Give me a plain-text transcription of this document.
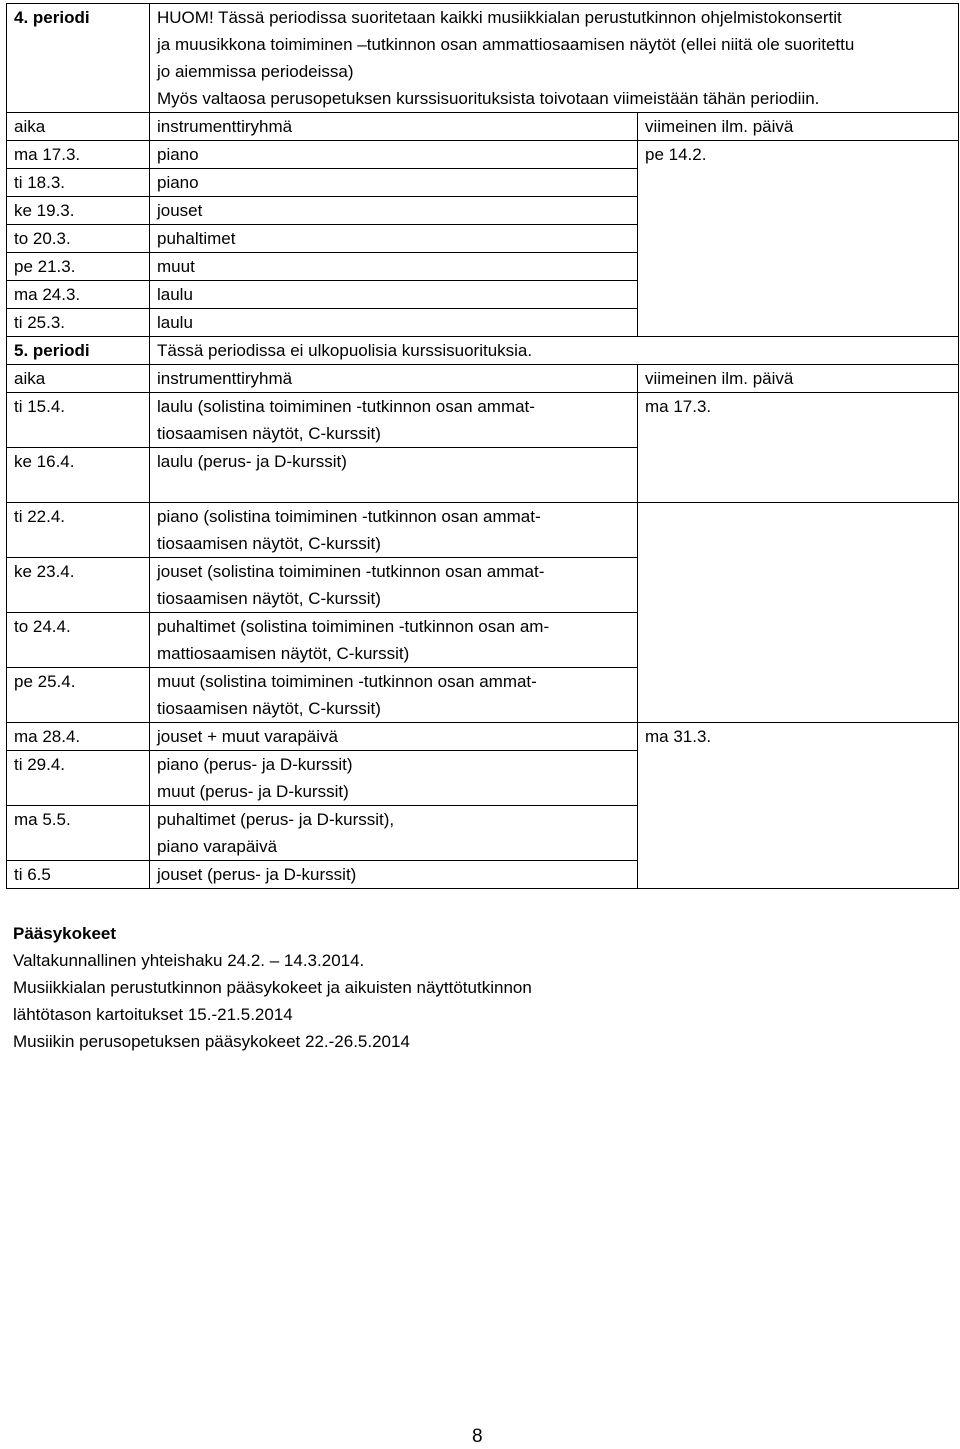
4. periodi	HUOM! Tässä periodissa suoritetaan kaikki musiikkialan perustutkinnon ohjelmistokonsertit
ja muusikkona toimiminen –tutkinnon osan ammattiosaamisen näytöt (ellei niitä ole suoritettu
jo aiemmissa periodeissa)
Myös valtaosa perusopetuksen kurssisuorituksista toivotaan viimeistään tähän periodiin.	

aika	instrumenttiryhmä	viimeinen ilm. päivä
ma 17.3.	piano	pe 14.2.
ti 18.3.	piano	
ke 19.3.	jouset	
to 20.3.	puhaltimet	
pe 21.3.	muut	
ma 24.3.	laulu	
ti 25.3.	laulu	
5. periodi	Tässä periodissa ei ulkopuolisia kurssisuorituksia.	
aika	instrumenttiryhmä	viimeinen ilm. päivä
ti 15.4.	laulu (solistina toimiminen -tutkinnon osan ammat-
tiosaamisen näytöt, C-kurssit)	ma 17.3.
ke 16.4.	laulu (perus- ja D-kurssit)	

ti 22.4.	piano (solistina toimiminen -tutkinnon osan ammat-
tiosaamisen näytöt, C-kurssit)	

ke 23.4.	jouset (solistina toimiminen -tutkinnon osan ammat-
tiosaamisen näytöt, C-kurssit)	

to 24.4.	puhaltimet (solistina toimiminen -tutkinnon osan am-
mattiosaamisen näytöt, C-kurssit)	

pe 25.4.	muut (solistina toimiminen -tutkinnon osan ammat-
tiosaamisen näytöt, C-kurssit)	

ma 28.4.	jouset + muut varapäivä	ma 31.3.
ti 29.4.	piano (perus- ja D-kurssit)
muut (perus- ja D-kurssit)	

ma 5.5.	puhaltimet (perus- ja D-kurssit),
piano varapäivä	

ti 6.5	jouset (perus- ja D-kurssit)	
Pääsykokeet
Valtakunnallinen yhteishaku 24.2. – 14.3.2014.
Musiikkialan perustutkinnon pääsykokeet ja aikuisten näyttötutkinnon
lähtötason kartoitukset 15.-21.5.2014
Musiikin perusopetuksen pääsykokeet 22.-26.5.2014
8
